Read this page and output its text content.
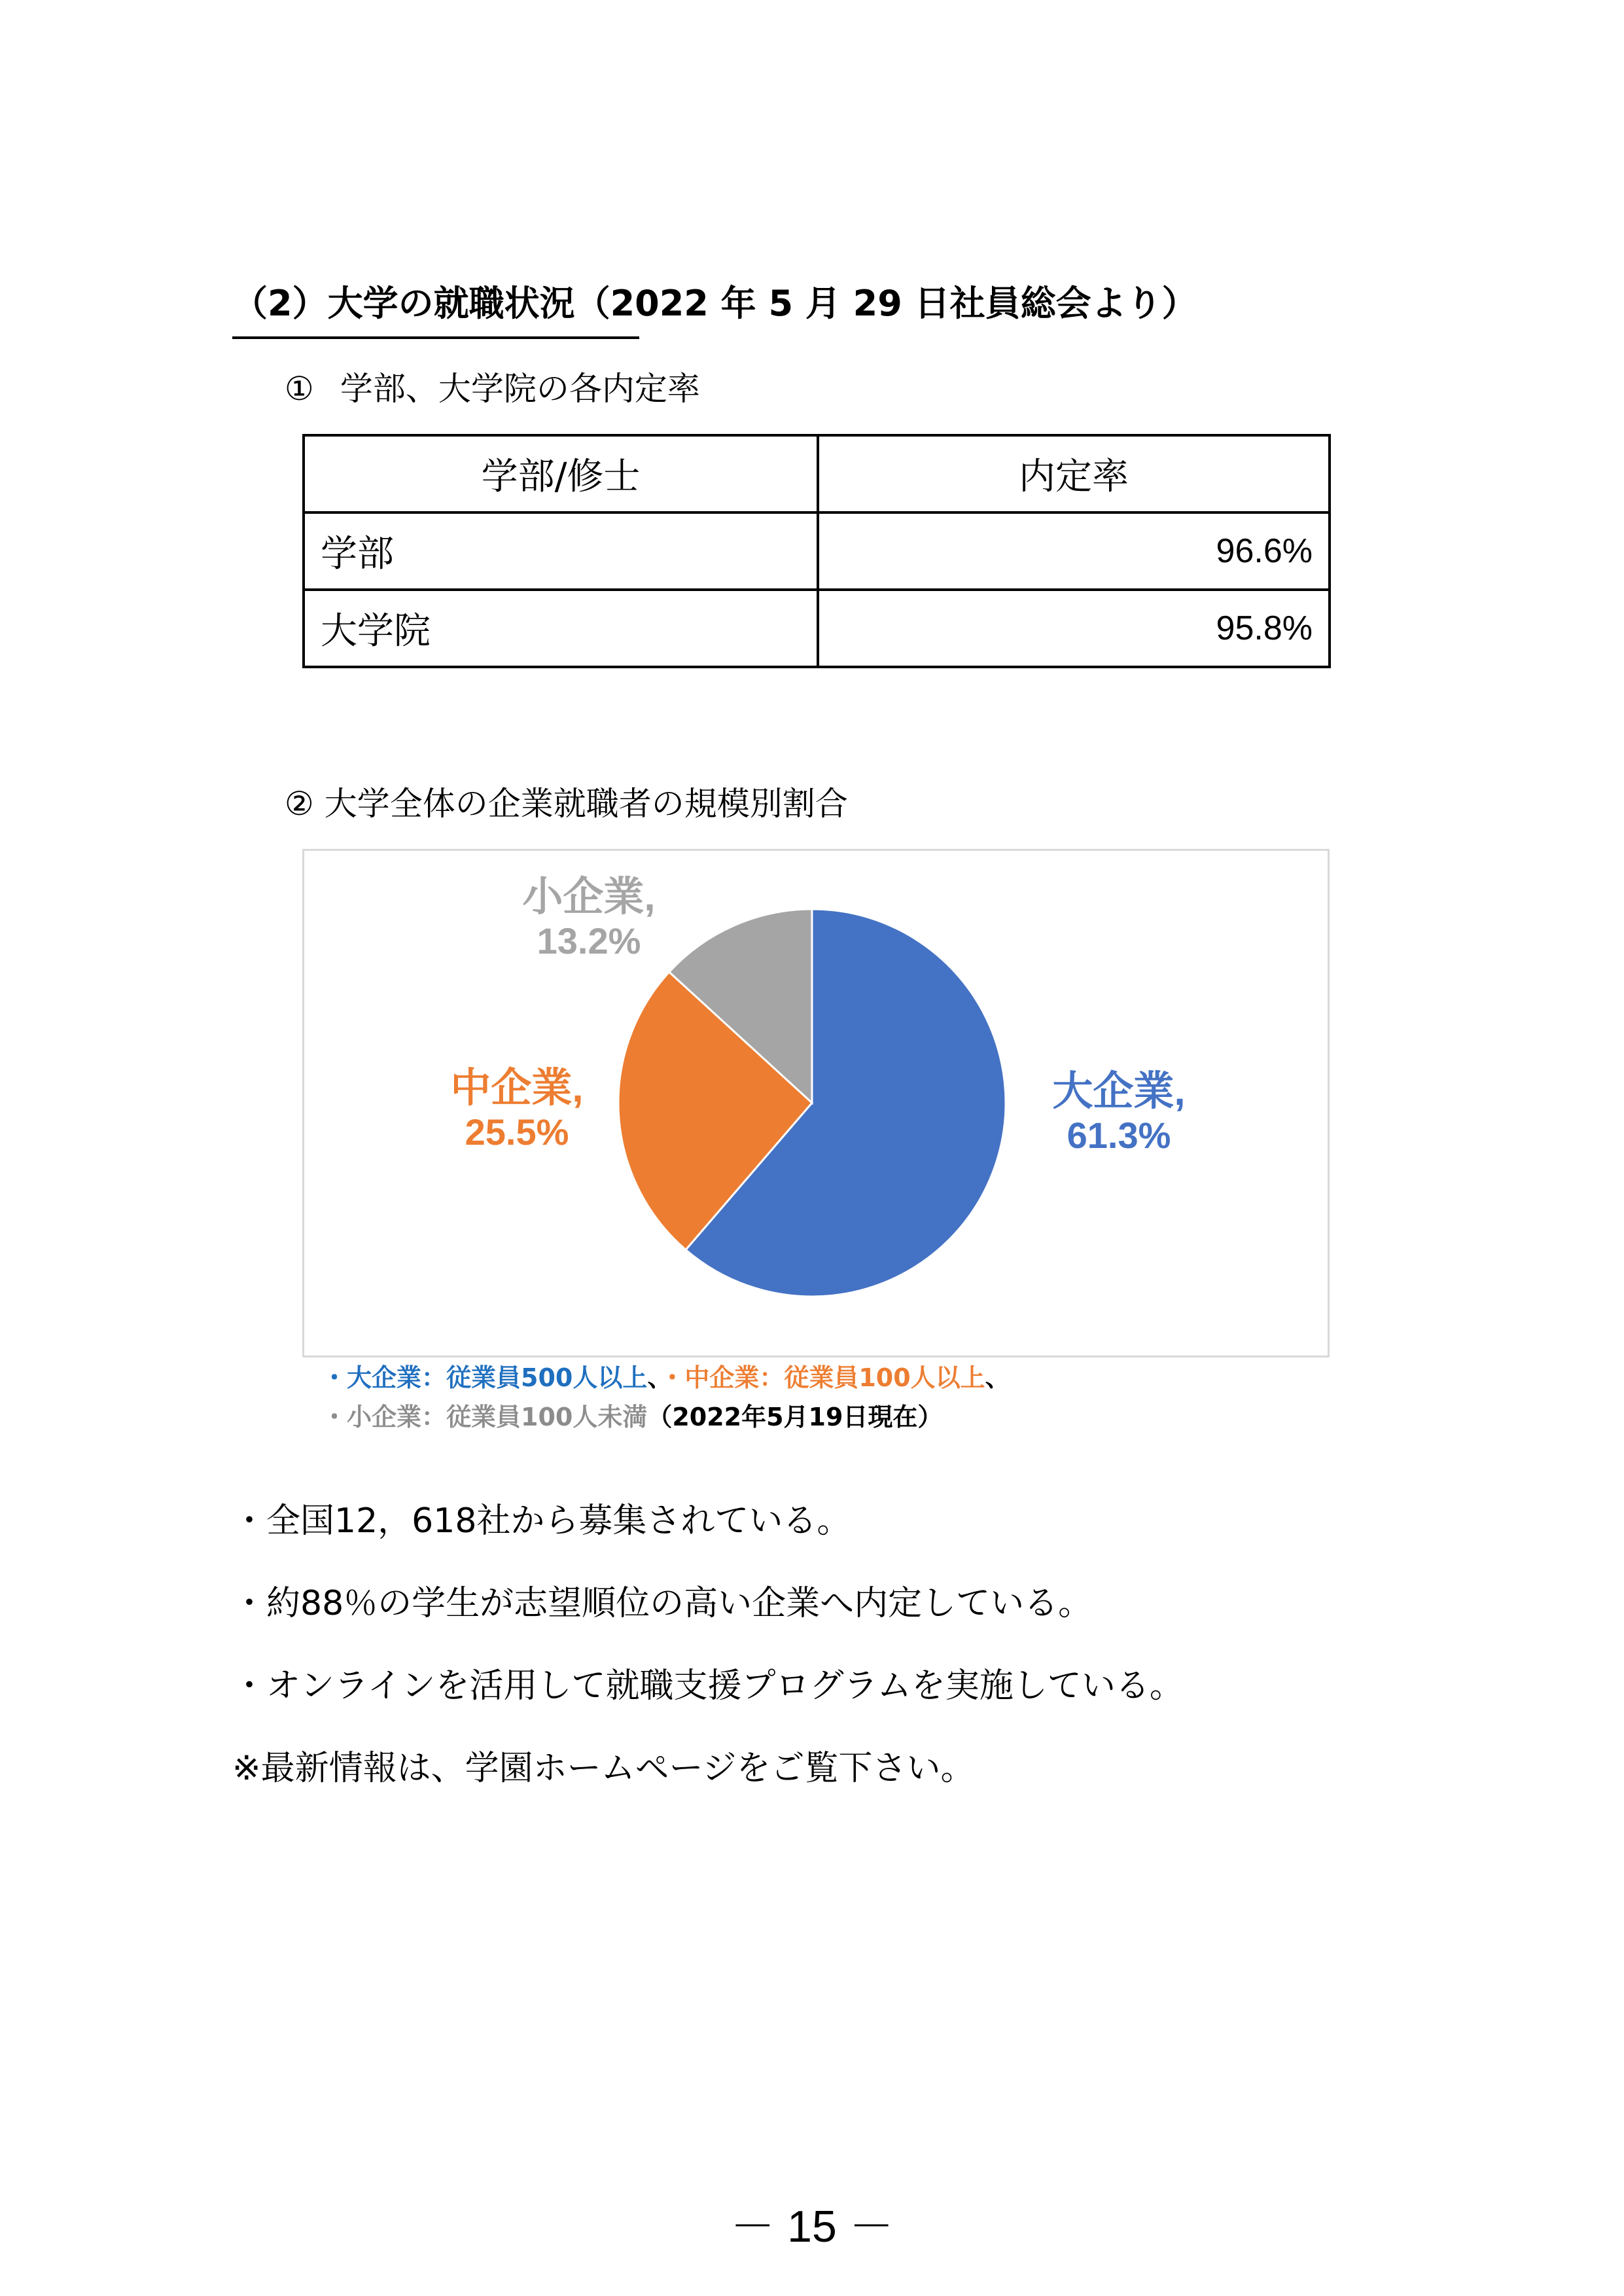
（2）大学の就職状況（2022 年 5 月 29 日社員総会より）
① 学部、大学院の各内定率
学部/修士	内定率
学部	96.6%
大学院	95.8%
② 大学全体の企業就職者の規模別割合
大企業,
61.3%
中企業,
25.5%
小企業,
13.2%
・大企業：従業員500人以上、・中企業：従業員100人以上、
・小企業：従業員100人未満（2022年5月19日現在）
・全国12，618社から募集されている。
・約88％の学生が志望順位の高い企業へ内定している。
・オンラインを活用して就職支援プログラムを実施している。
※最新情報は、学園ホームページをご覧下さい。
－ 15 －
